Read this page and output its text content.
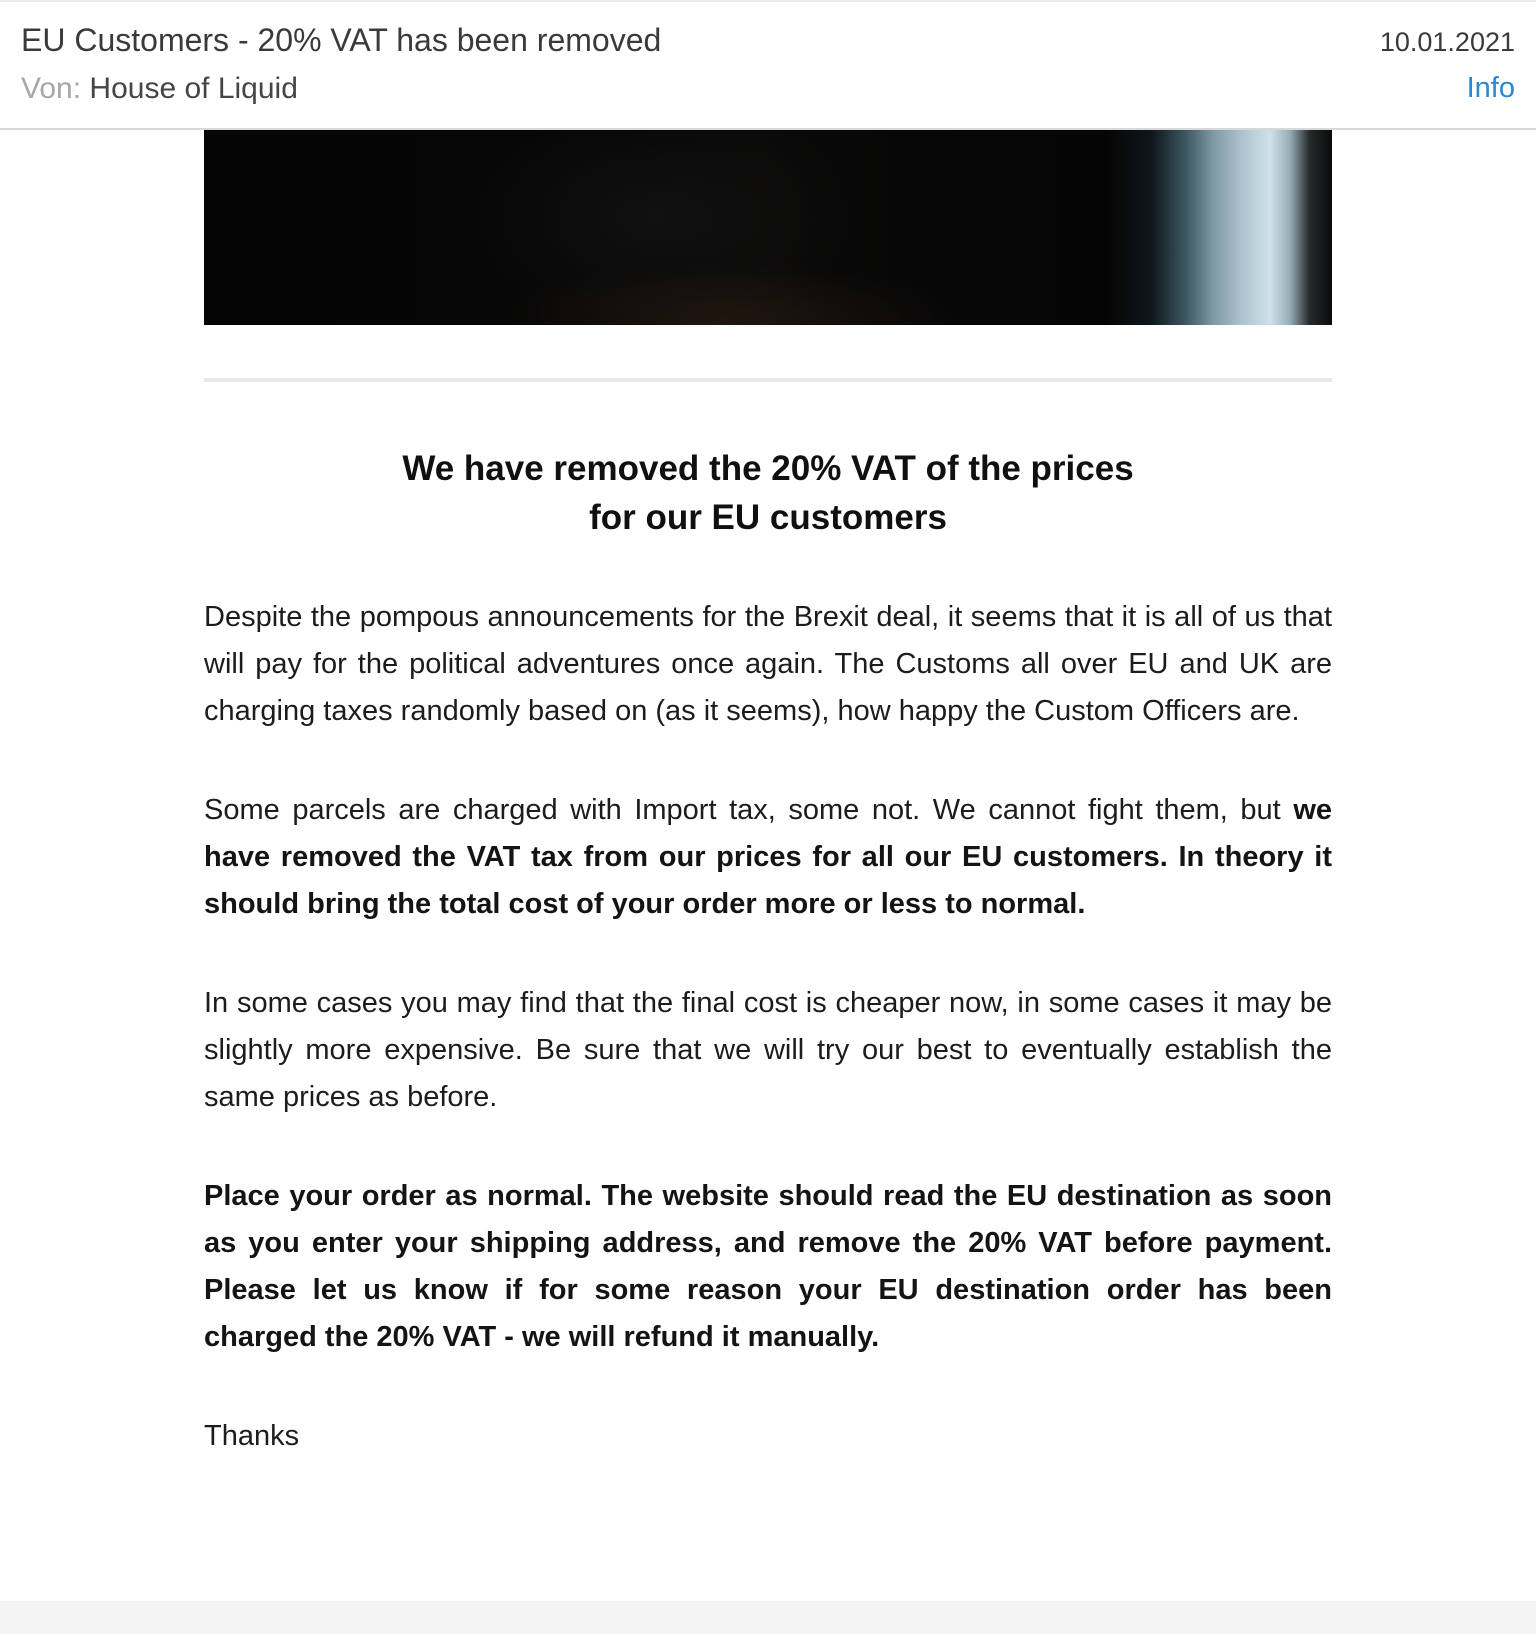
EU Customers - 20% VAT has been removed	10.01.2021
Von: House of Liquid	Info
We have removed the 20% VAT of the prices
for our EU customers

Despite the pompous announcements for the Brexit deal, it seems that it is all of us that will pay for the political adventures once again. The Customs all over EU and UK are charging taxes randomly based on (as it seems), how happy the Custom Officers are.

Some parcels are charged with Import tax, some not. We cannot fight them, but we have removed the VAT tax from our prices for all our EU customers. In theory it should bring the total cost of your order more or less to normal.

In some cases you may find that the final cost is cheaper now, in some cases it may be slightly more expensive. Be sure that we will try our best to eventually establish the same prices as before.

Place your order as normal. The website should read the EU destination as soon as you enter your shipping address, and remove the 20% VAT before payment. Please let us know if for some reason your EU destination order has been charged the 20% VAT - we will refund it manually.

Thanks
